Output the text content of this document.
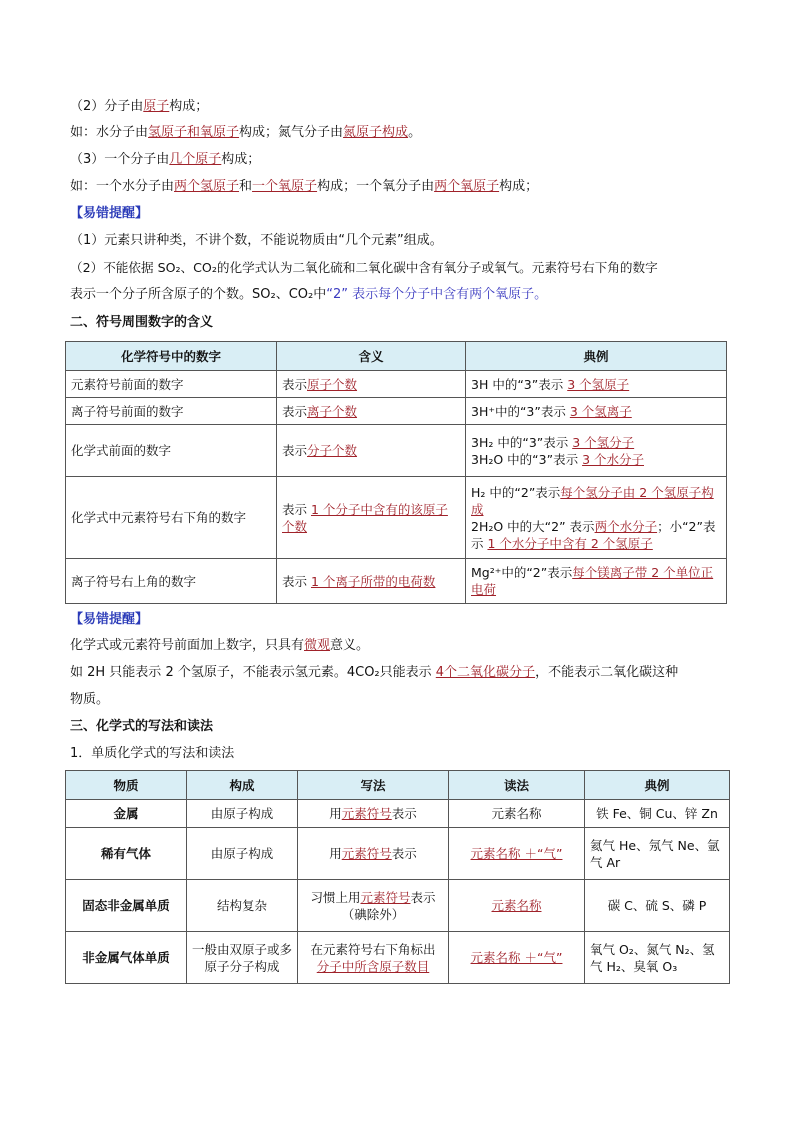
（2）分子由原子构成；
如：水分子由氢原子和氧原子构成；氮气分子由氮原子构成。
（3）一个分子由几个原子构成；
如：一个水分子由两个氢原子和一个氧原子构成；一个氧分子由两个氧原子构成；
【易错提醒】
（1）元素只讲种类，不讲个数，不能说物质由“几个元素”组成。
（2）不能依据 SO₂、CO₂的化学式认为二氧化硫和二氧化碳中含有氧分子或氧气。元素符号右下角的数字
表示一个分子所含原子的个数。SO₂、CO₂中“2” 表示每个分子中含有两个氧原子。
二、符号周围数字的含义
化学符号中的数字	含义	典例
元素符号前面的数字	表示原子个数	3H 中的“3”表示 3 个氢原子
离子符号前面的数字	表示离子个数	3H⁺中的“3”表示 3 个氢离子
化学式前面的数字	表示分子个数	3H₂ 中的“3”表示 3 个氢分子
3H₂O 中的“3”表示 3 个水分子
化学式中元素符号右下角的数字	表示 1 个分子中含有的该原子个数	H₂ 中的“2”表示每个氢分子由 2 个氢原子构成
2H₂O 中的大“2” 表示两个水分子；小“2”表示 1 个水分子中含有 2 个氢原子
离子符号右上角的数字	表示 1 个离子所带的电荷数	Mg²⁺中的“2”表示每个镁离子带 2 个单位正电荷
【易错提醒】
化学式或元素符号前面加上数字，只具有微观意义。
如 2H 只能表示 2 个氢原子，不能表示氢元素。4CO₂只能表示 4个二氧化碳分子，不能表示二氧化碳这种
物质。
三、化学式的写法和读法
1．单质化学式的写法和读法
物质	构成	写法	读法	典例
金属	由原子构成	用元素符号表示	元素名称	铁 Fe、铜 Cu、锌 Zn
稀有气体	由原子构成	用元素符号表示	元素名称 ＋“气”	氦气 He、氖气 Ne、氩气 Ar
固态非金属单质	结构复杂	习惯上用元素符号表示（碘除外）	元素名称	碳 C、硫 S、磷 P
非金属气体单质	一般由双原子或多原子分子构成	在元素符号右下角标出
分子中所含原子数目	元素名称 ＋“气”	氧气 O₂、氮气 N₂、氢气 H₂、臭氧 O₃
